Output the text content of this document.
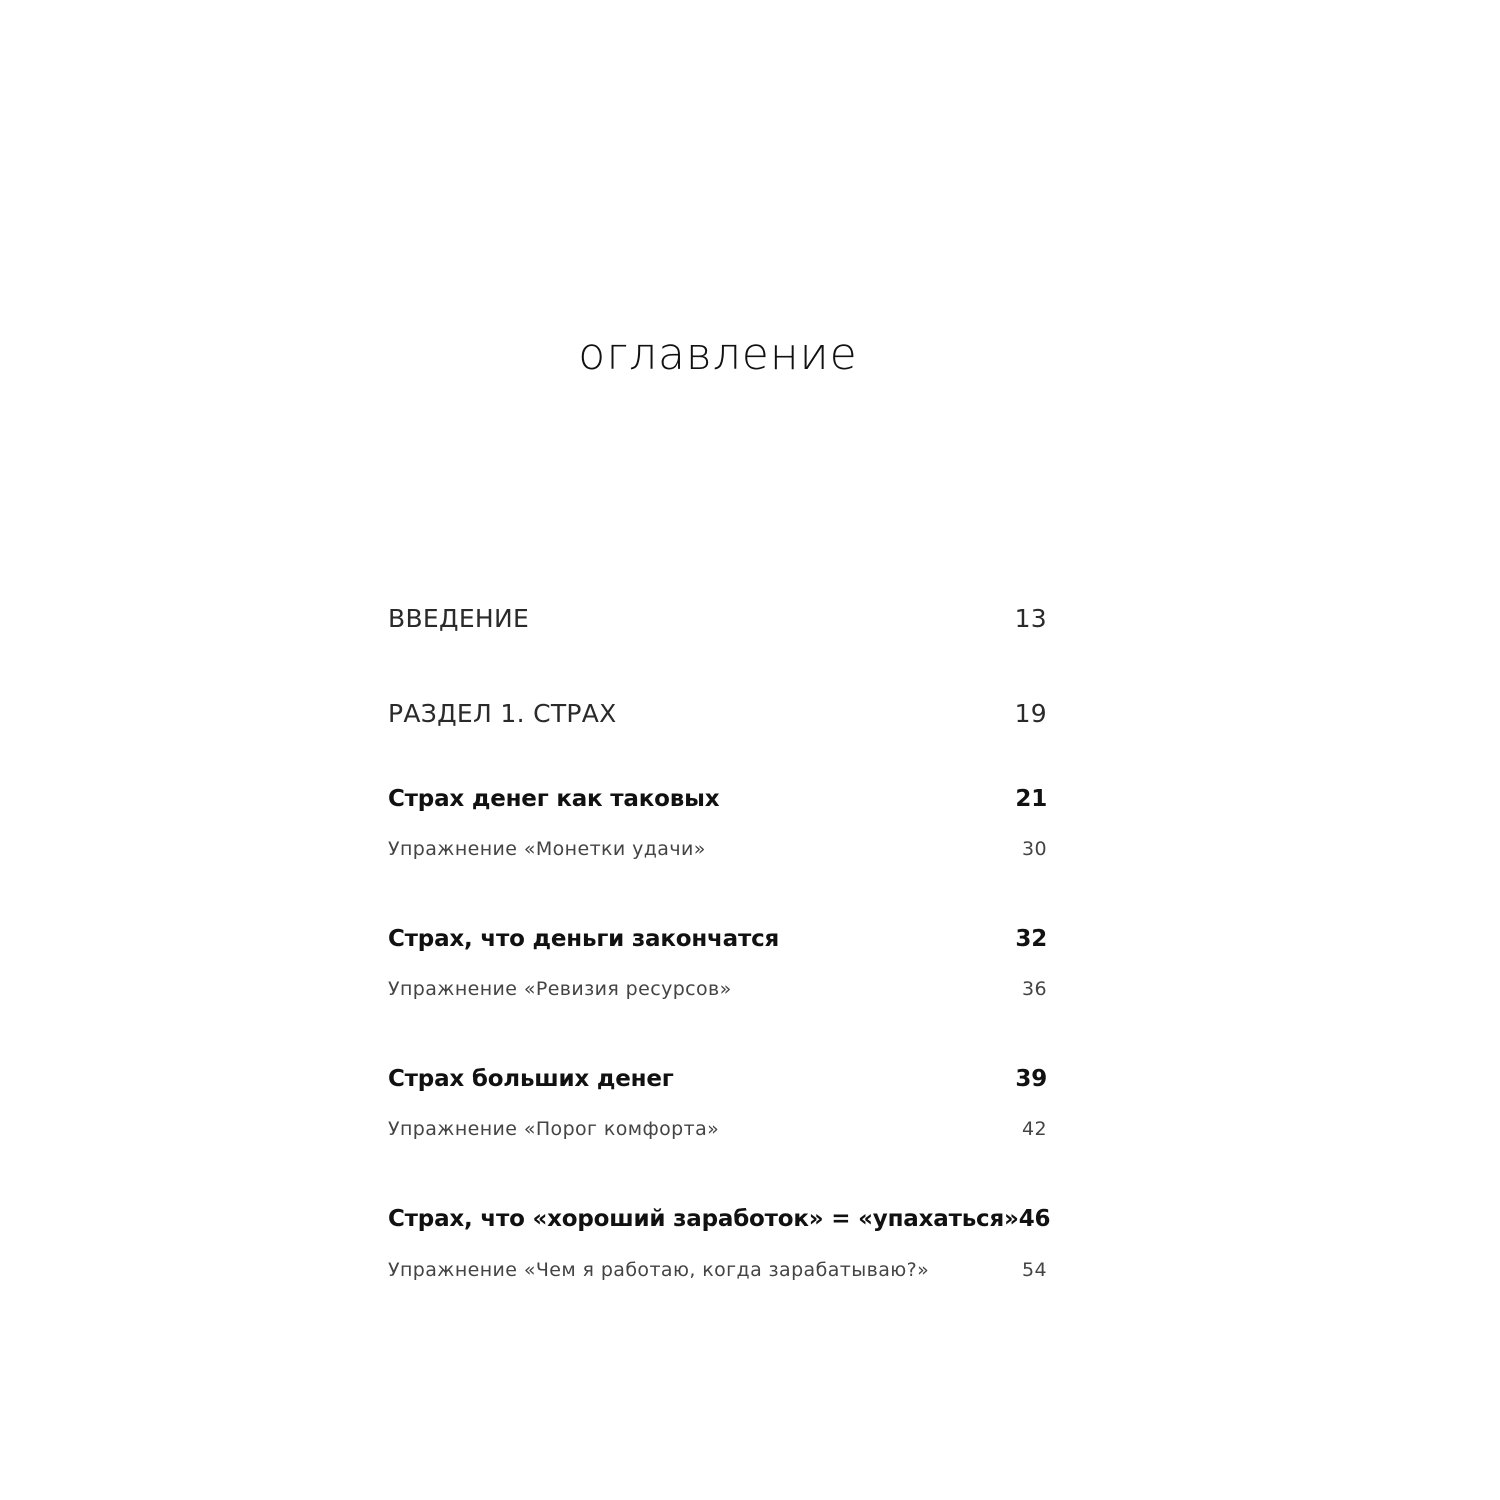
оглавление
ВВЕДЕНИЕ	13
РАЗДЕЛ 1. СТРАХ	19
Страх денег как таковых	21
Упражнение «Монетки удачи»	30
Страх, что деньги закончатся	32
Упражнение «Ревизия ресурсов»	36
Страх больших денег	39
Упражнение «Порог комфорта»	42
Страх, что «хороший заработок» = «упахаться» 46
Упражнение «Чем я работаю, когда зарабатываю?»	54
